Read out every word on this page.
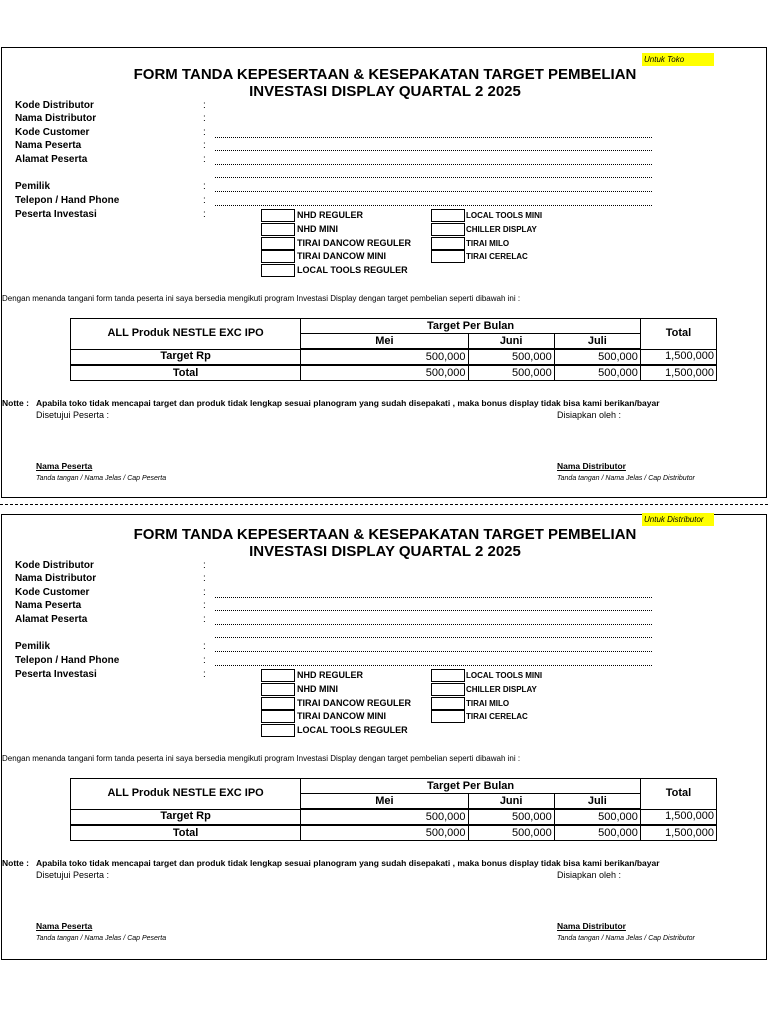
Untuk Toko
FORM TANDA KEPESERTAAN & KESEPAKATAN TARGET PEMBELIAN
INVESTASI DISPLAY QUARTAL 2 2025
Kode Distributor	:
Nama Distributor	:
Kode Customer	:
Nama Peserta	:
Alamat Peserta	:
Pemilik	:
Telepon / Hand Phone	:
Peserta Investasi	:	NHD REGULER
NHD MINI
TIRAI DANCOW REGULER
TIRAI DANCOW MINI
LOCAL TOOLS REGULER
LOCAL TOOLS MINI
CHILLER DISPLAY
TIRAI MILO
TIRAI CERELAC
Dengan menanda tangani form tanda peserta ini saya bersedia mengikuti program Investasi Display dengan target pembelian seperti dibawah ini :
ALL Produk NESTLE EXC IPO	Target Per Bulan			Total
	Mei	Juni	Juli	
Target Rp	500,000	500,000	500,000	1,500,000
Total	500,000	500,000	500,000	1,500,000
Notte : Apabila toko tidak mencapai target dan produk tidak lengkap sesuai planogram yang sudah disepakati , maka bonus display tidak bisa kami berikan/bayar
Disetujui Peserta :	Disiapkan oleh :
Nama Peserta
Tanda tangan / Nama Jelas / Cap Peserta
Nama Distributor
Tanda tangan / Nama Jelas / Cap Distributor
Untuk Distributor
FORM TANDA KEPESERTAAN & KESEPAKATAN TARGET PEMBELIAN
INVESTASI DISPLAY QUARTAL 2 2025
Kode Distributor	:
Nama Distributor	:
Kode Customer	:
Nama Peserta	:
Alamat Peserta	:
Pemilik	:
Telepon / Hand Phone	:
Peserta Investasi	:	NHD REGULER
NHD MINI
TIRAI DANCOW REGULER
TIRAI DANCOW MINI
LOCAL TOOLS REGULER
LOCAL TOOLS MINI
CHILLER DISPLAY
TIRAI MILO
TIRAI CERELAC
Dengan menanda tangani form tanda peserta ini saya bersedia mengikuti program Investasi Display dengan target pembelian seperti dibawah ini :
ALL Produk NESTLE EXC IPO	Target Per Bulan			Total
	Mei	Juni	Juli	
Target Rp	500,000	500,000	500,000	1,500,000
Total	500,000	500,000	500,000	1,500,000
Notte : Apabila toko tidak mencapai target dan produk tidak lengkap sesuai planogram yang sudah disepakati , maka bonus display tidak bisa kami berikan/bayar
Disetujui Peserta :	Disiapkan oleh :
Nama Peserta
Tanda tangan / Nama Jelas / Cap Peserta
Nama Distributor
Tanda tangan / Nama Jelas / Cap Distributor
